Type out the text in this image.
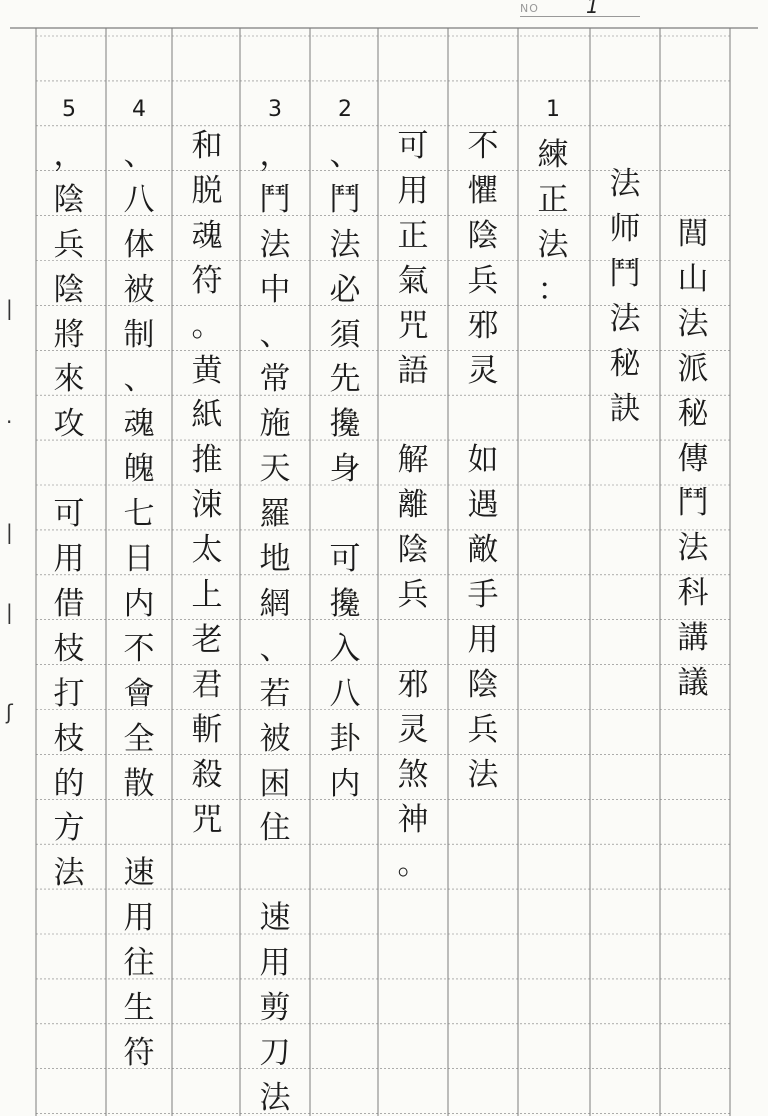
NO 1
閭
山
法
派
秘
傳
鬥
法
科
講
議
法
师
鬥
法
秘
訣
1
練
正
法
：
不
懼
陰
兵
邪
灵
如
遇
敵
手
用
陰
兵
法
可
用
正
氣
咒
語
解
離
陰
兵
邪
灵
煞
神
。
2
、
鬥
法
必
須
先
攙
身
可
攙
入
八
卦
内
3
，
鬥
法
中
、
常
施
天
羅
地
網
、
若
被
困
住
速
用
剪
刀
法
和
脱
魂
符
。
黄
紙
推
涑
太
上
老
君
斬
殺
咒
4
、
八
体
被
制
、
魂
魄
七
日
内
不
會
全
散
速
用
往
生
符
5
，
陰
兵
陰
將
來
攻
可
用
借
枝
打
枝
的
方
法
|
·
|
|
ʃ
